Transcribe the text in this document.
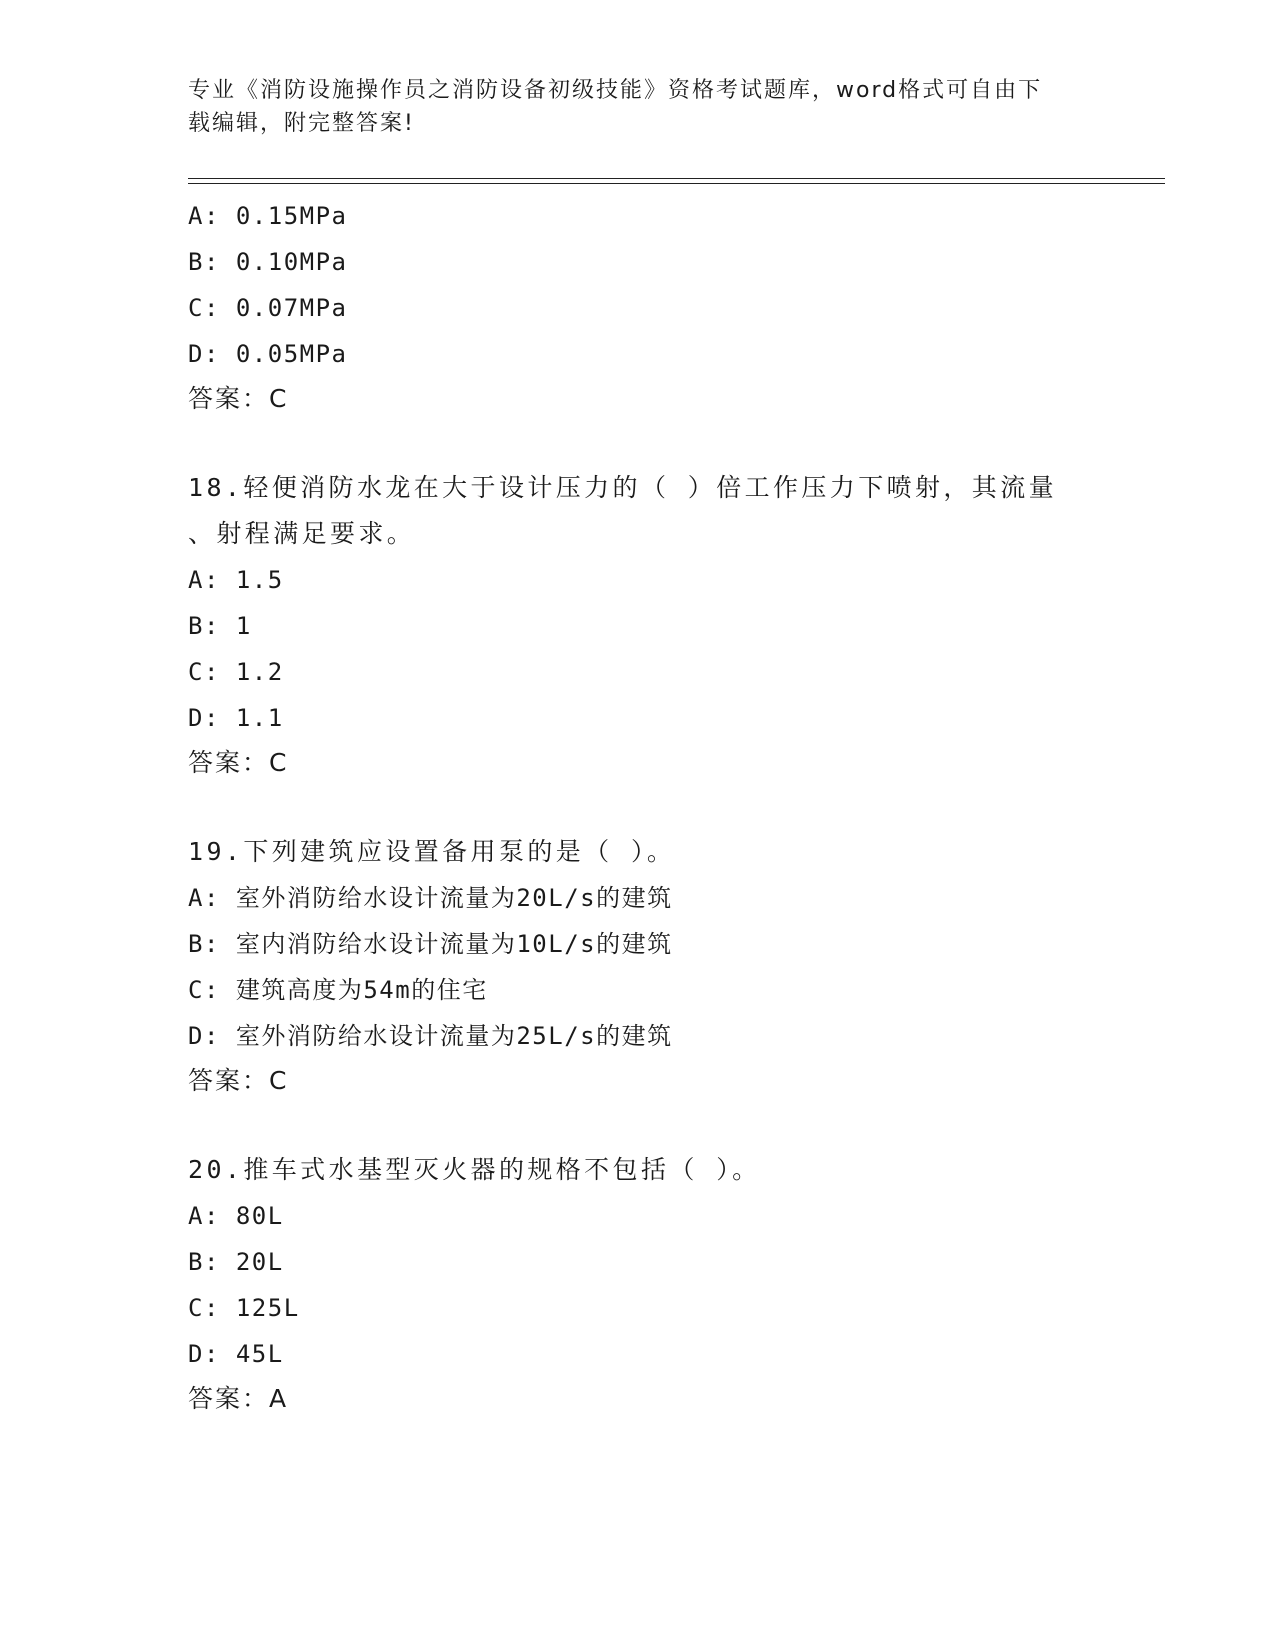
专业《消防设施操作员之消防设备初级技能》资格考试题库，word格式可自由下
载编辑，附完整答案!
A: 0.15MPa
B: 0.10MPa
C: 0.07MPa
D: 0.05MPa
答案：C
18.轻便消防水龙在大于设计压力的（ ）倍工作压力下喷射，其流量
、射程满足要求。
A: 1.5
B: 1
C: 1.2
D: 1.1
答案：C
19.下列建筑应设置备用泵的是（ ）。
A: 室外消防给水设计流量为20L/s的建筑
B: 室内消防给水设计流量为10L/s的建筑
C: 建筑高度为54m的住宅
D: 室外消防给水设计流量为25L/s的建筑
答案：C
20.推车式水基型灭火器的规格不包括（ ）。
A: 80L
B: 20L
C: 125L
D: 45L
答案：A
